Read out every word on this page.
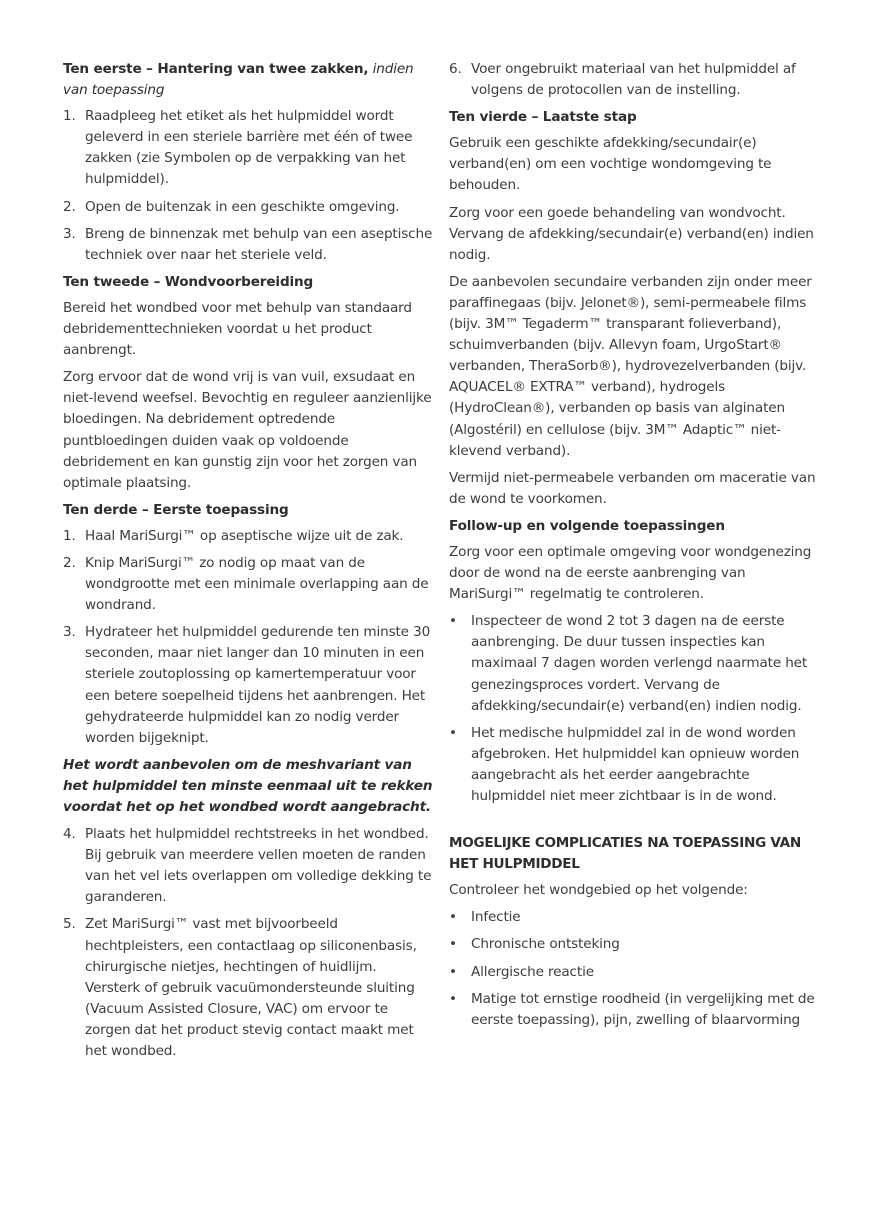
Ten eerste – Hantering van twee zakken, indien van toepassing
1. Raadpleeg het etiket als het hulpmiddel wordt geleverd in een steriele barrière met één of twee zakken (zie Symbolen op de verpakking van het hulpmiddel).
2. Open de buitenzak in een geschikte omgeving.
3. Breng de binnenzak met behulp van een aseptische techniek over naar het steriele veld.
Ten tweede – Wondvoorbereiding

Bereid het wondbed voor met behulp van standaard debridementtechnieken voordat u het product aanbrengt.

Zorg ervoor dat de wond vrij is van vuil, exsudaat en niet-levend weefsel. Bevochtig en reguleer aanzienlijke bloedingen. Na debridement optredende puntbloedingen duiden vaak op voldoende debridement en kan gunstig zijn voor het zorgen van optimale plaatsing.

Ten derde – Eerste toepassing
1. Haal MariSurgi™ op aseptische wijze uit de zak.
2. Knip MariSurgi™ zo nodig op maat van de wondgrootte met een minimale overlapping aan de wondrand.
3. Hydrateer het hulpmiddel gedurende ten minste 30 seconden, maar niet langer dan 10 minuten in een steriele zoutoplossing op kamertemperatuur voor een betere soepelheid tijdens het aanbrengen. Het gehydrateerde hulpmiddel kan zo nodig verder worden bijgeknipt.

Het wordt aanbevolen om de meshvariant van het hulpmiddel ten minste eenmaal uit te rekken voordat het op het wondbed wordt aangebracht.

4. Plaats het hulpmiddel rechtstreeks in het wondbed. Bij gebruik van meerdere vellen moeten de randen van het vel iets overlappen om volledige dekking te garanderen.
5. Zet MariSurgi™ vast met bijvoorbeeld hechtpleisters, een contactlaag op siliconenbasis, chirurgische nietjes, hechtingen of huidlijm. Versterk of gebruik vacuümondersteunde sluiting (Vacuum Assisted Closure, VAC) om ervoor te zorgen dat het product stevig contact maakt met het wondbed.
6. Voer ongebruikt materiaal van het hulpmiddel af volgens de protocollen van de instelling.
Ten vierde – Laatste stap

Gebruik een geschikte afdekking/secundair(e) verband(en) om een vochtige wondomgeving te behouden.

Zorg voor een goede behandeling van wondvocht. Vervang de afdekking/secundair(e) verband(en) indien nodig.

De aanbevolen secundaire verbanden zijn onder meer paraffinegaas (bijv. Jelonet®), semi-permeabele films (bijv. 3M™ Tegaderm™ transparant folieverband), schuimverbanden (bijv. Allevyn foam, UrgoStart® verbanden, TheraSorb®), hydrovezelverbanden (bijv. AQUACEL® EXTRA™ verband), hydrogels (HydroClean®), verbanden op basis van alginaten (Algostéril) en cellulose (bijv. 3M™ Adaptic™ niet-klevend verband).

Vermijd niet-permeabele verbanden om maceratie van de wond te voorkomen.

Follow-up en volgende toepassingen

Zorg voor een optimale omgeving voor wondgenezing door de wond na de eerste aanbrenging van MariSurgi™ regelmatig te controleren.

• Inspecteer de wond 2 tot 3 dagen na de eerste aanbrenging. De duur tussen inspecties kan maximaal 7 dagen worden verlengd naarmate het genezingsproces vordert. Vervang de afdekking/secundair(e) verband(en) indien nodig.
• Het medische hulpmiddel zal in de wond worden afgebroken. Het hulpmiddel kan opnieuw worden aangebracht als het eerder aangebrachte hulpmiddel niet meer zichtbaar is in de wond.
MOGELIJKE COMPLICATIES NA TOEPASSING VAN HET HULPMIDDEL

Controleer het wondgebied op het volgende:

• Infectie
• Chronische ontsteking
• Allergische reactie
• Matige tot ernstige roodheid (in vergelijking met de eerste toepassing), pijn, zwelling of blaarvorming
